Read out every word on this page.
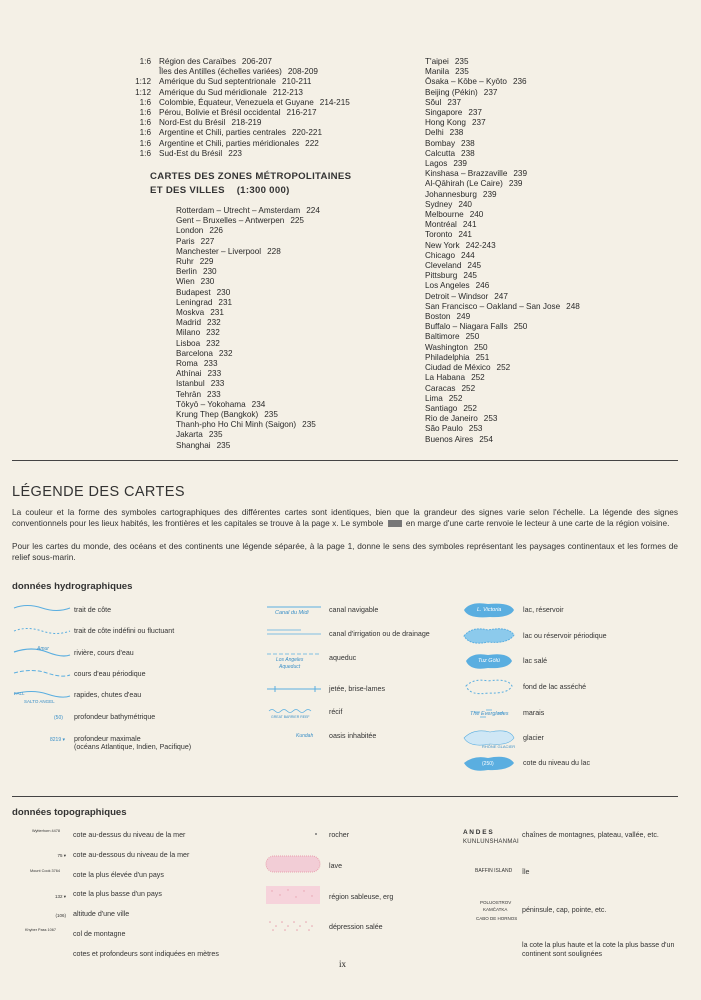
1:6 Région des Caraïbes 206-207
Îles des Antilles (échelles variées) 208-209
1:12 Amérique du Sud septentrionale 210-211
1:12 Amérique du Sud méridionale 212-213
1:6 Colombie, Équateur, Venezuela et Guyane 214-215
1:6 Pérou, Bolivie et Brésil occidental 216-217
1:6 Nord-Est du Brésil 218-219
1:6 Argentine et Chili, parties centrales 220-221
1:6 Argentine et Chili, parties méridionales 222
1:6 Sud-Est du Brésil 223
CARTES DES ZONES MÉTROPOLITAINES
ET DES VILLES (1:300 000)
Rotterdam – Utrecht – Amsterdam 224
Gent – Bruxelles – Antwerpen 225
London 226
Paris 227
Manchester – Liverpool 228
Ruhr 229
Berlin 230
Wien 230
Budapest 230
Leningrad 231
Moskva 231
Madrid 232
Milano 232
Lisboa 232
Barcelona 232
Roma 233
Athínai 233
Istanbul 233
Tehrān 233
Tōkyō – Yokohama 234
Krung Thep (Bangkok) 235
Thanh-pho Ho Chi Minh (Saigon) 235
Jakarta 235
Shanghai 235
T'aipei 235
Manila 235
Ōsaka – Kōbe – Kyōto 236
Beijing (Pékin) 237
Sŏul 237
Singapore 237
Hong Kong 237
Delhi 238
Bombay 238
Calcutta 238
Lagos 239
Kinshasa – Brazzaville 239
Al-Qāhirah (Le Caire) 239
Johannesburg 239
Sydney 240
Melbourne 240
Montréal 241
Toronto 241
New York 242-243
Chicago 244
Cleveland 245
Pittsburg 245
Los Angeles 246
Detroit – Windsor 247
San Francisco – Oakland – San Jose 248
Boston 249
Buffalo – Niagara Falls 250
Baltimore 250
Washington 250
Philadelphia 251
Ciudad de México 252
La Habana 252
Caracas 252
Lima 252
Santiago 252
Rio de Janeiro 253
São Paulo 253
Buenos Aires 254
LÉGENDE DES CARTES
La couleur et la forme des symboles cartographiques des différentes cartes sont identiques, bien que la grandeur des signes varie selon l'échelle. La légende des signes conventionnels pour les lieux habités, les frontières et les capitales se trouve à la page x. Le symbole	en marge d'une carte renvoie le lecteur à une carte de la région voisine.
Pour les cartes du monde, des océans et des continents une légende séparée, à la page 1, donne le sens des symboles représentant les paysages continentaux et les formes de relief sous-marin.
données hydrographiques
Amur
FALL
SALTO ANGEL
(50)
8219 ▾
trait de côte
trait de côte indéfini ou fluctuant
rivière, cours d'eau
cours d'eau périodique
rapides, chutes d'eau
profondeur bathymétrique
profondeur maximale
(océans Atlantique, Indien, Pacifique)
Canal du Midi
Los Angeles
Aqueduct
GREAT BARRIER REEF
Kundah
canal navigable
canal d'irrigation ou de drainage
aqueduc
jetée, brise-lames
récif
oasis inhabitée
L. Victoria
Tuz Gölü
The Everglades
RHÔNE GLACIER
(250)
lac, réservoir
lac ou réservoir périodique
lac salé
fond de lac asséché
marais
glacier
cote du niveau du lac
données topographiques
Wytterhorn 4478
75 ▾
Mount Cook 3764
132 ▾
(106)
Khyber Pass 1067
cote au-dessus du niveau de la mer
cote au-dessous du niveau de la mer
cote la plus élevée d'un pays
cote la plus basse d'un pays
altitude d'une ville
col de montagne
cotes et profondeurs sont indiquées en mètres
rocher
lave
région sableuse, erg
dépression salée
A N D E S
KUNLUNSHANMAI
BAFFIN ISLAND
POLUOSTROV
KAMČATKA
CABO DE HORNOS
chaînes de montagnes, plateau, vallée, etc.
île
péninsule, cap, pointe, etc.
la cote la plus haute et la cote la plus basse d'un continent sont soulignées
ix
